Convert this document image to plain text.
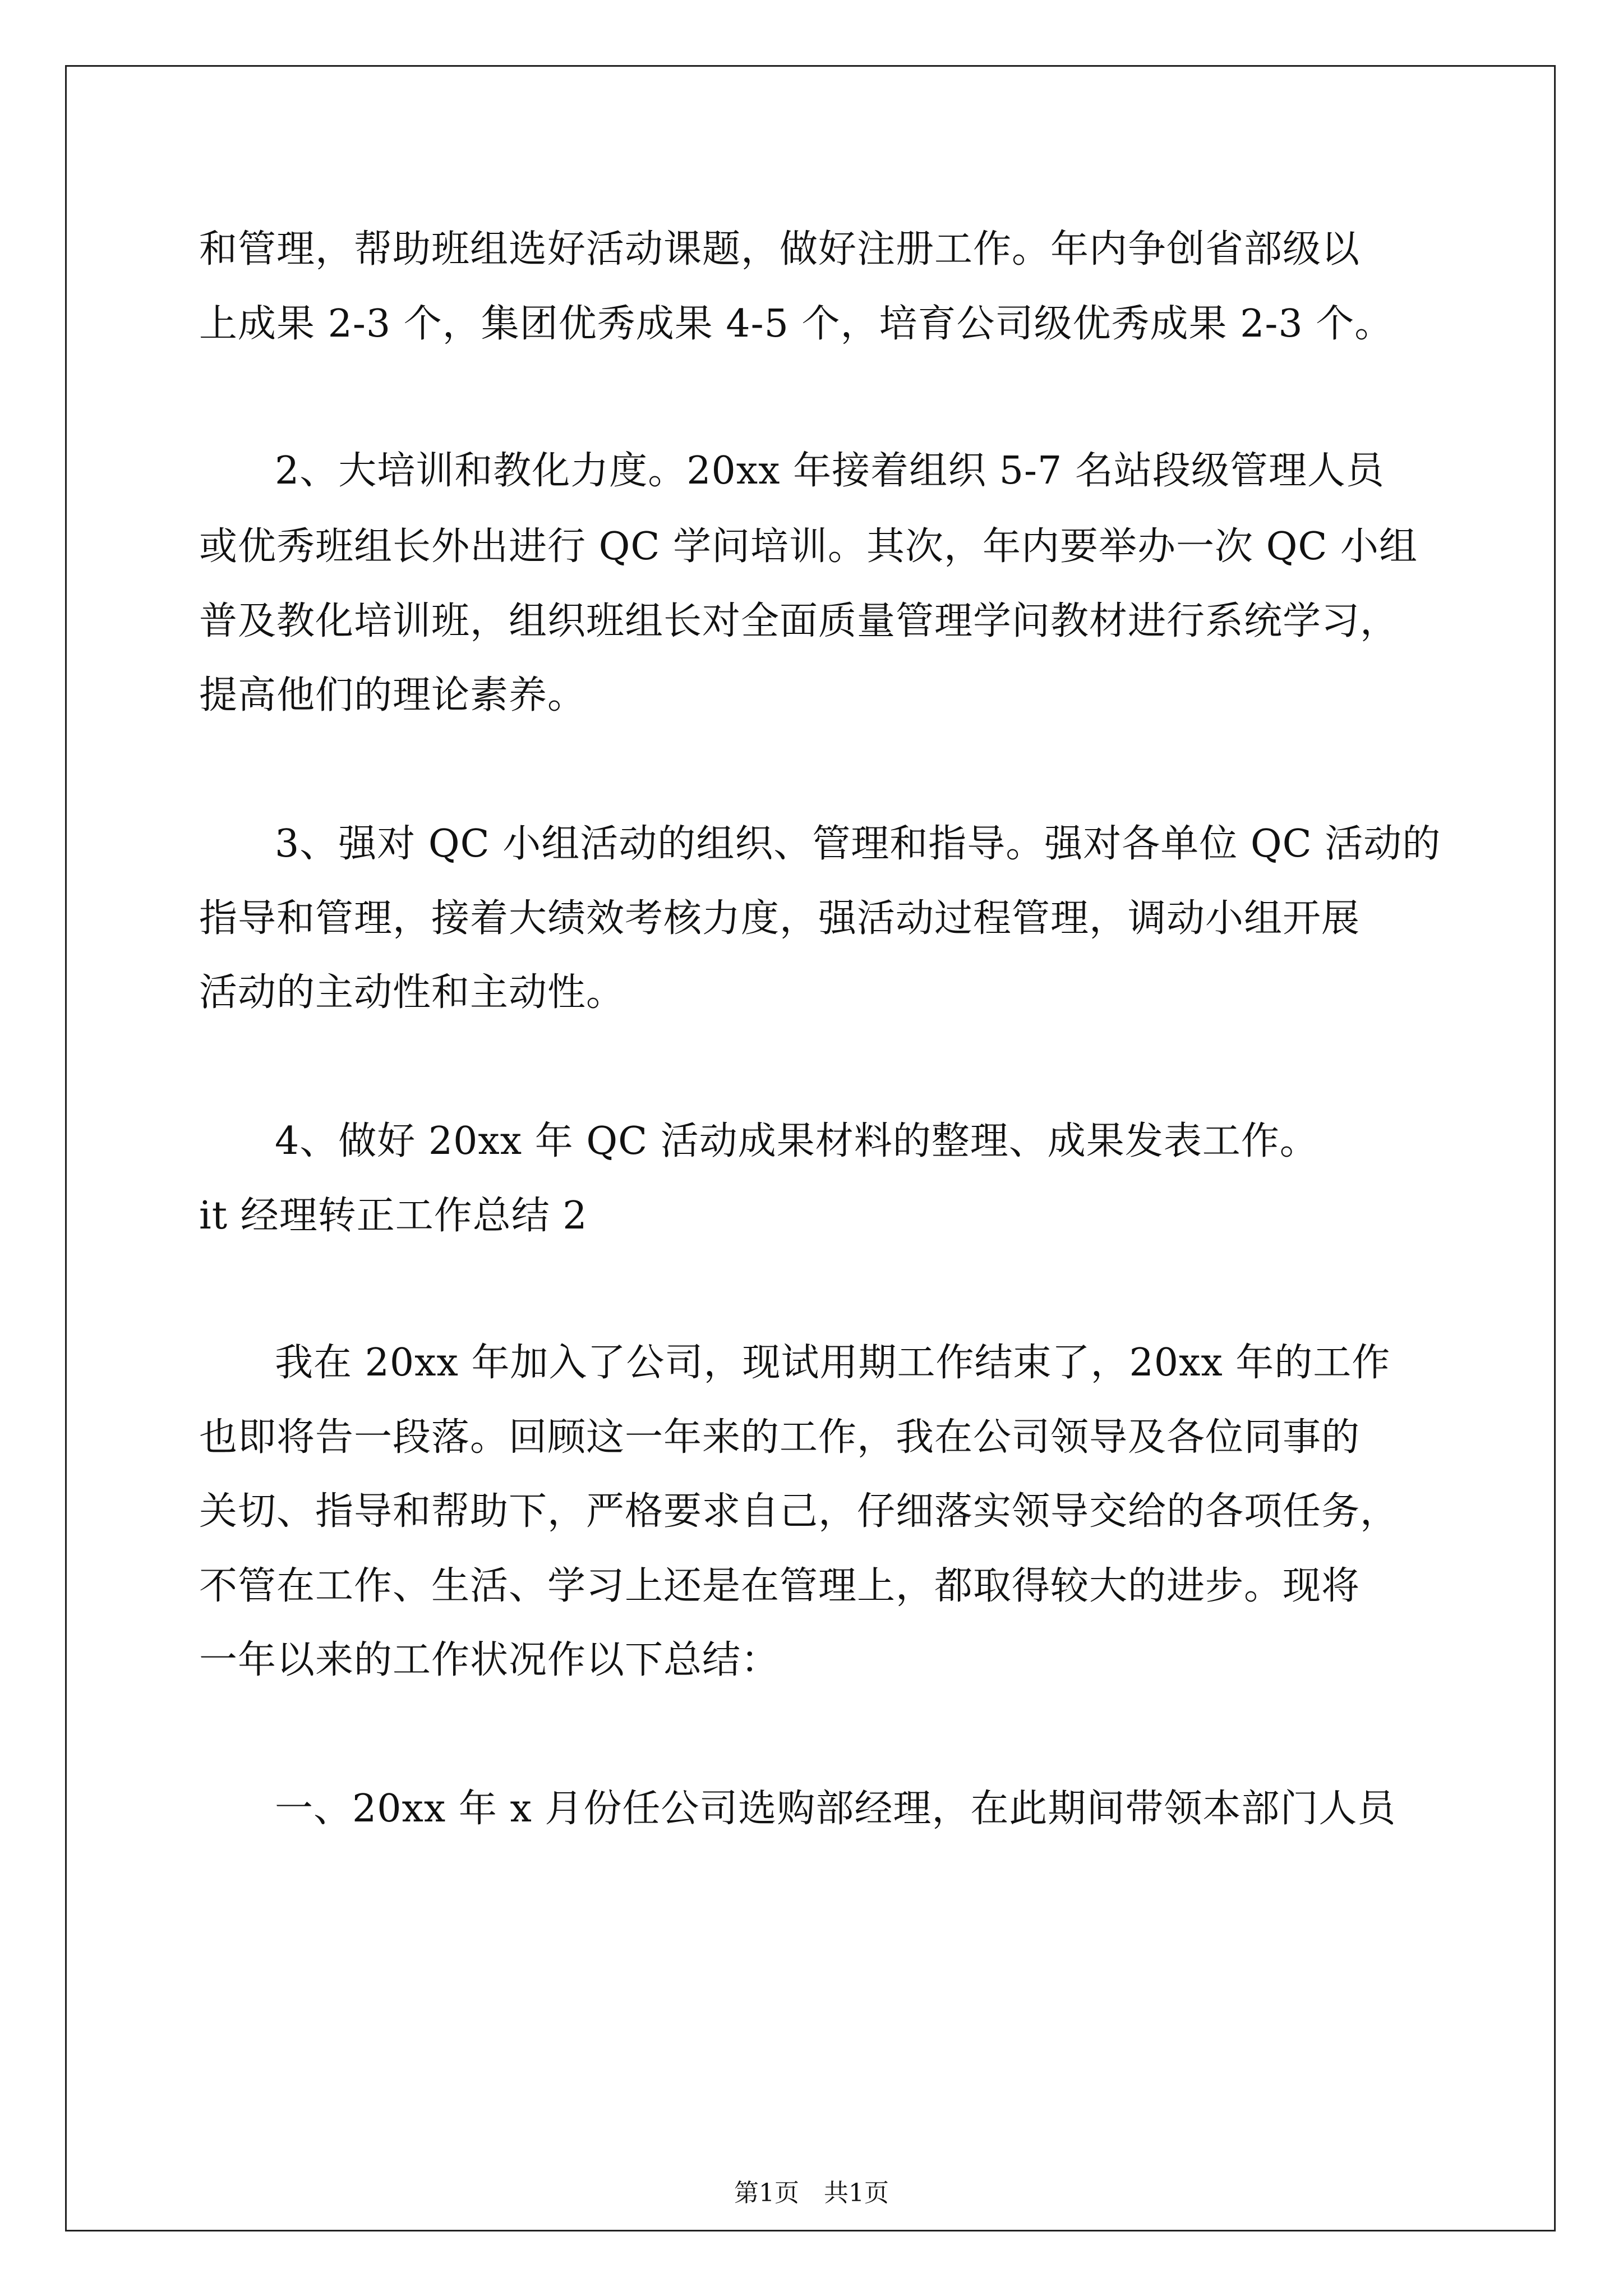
和管理，帮助班组选好活动课题，做好注册工作。年内争创省部级以
上成果 2-3 个，集团优秀成果 4-5 个，培育公司级优秀成果 2-3 个。
2、大培训和教化力度。20xx 年接着组织 5-7 名站段级管理人员
或优秀班组长外出进行 QC 学问培训。其次，年内要举办一次 QC 小组
普及教化培训班，组织班组长对全面质量管理学问教材进行系统学习，
提高他们的理论素养。
3、强对 QC 小组活动的组织、管理和指导。强对各单位 QC 活动的
指导和管理，接着大绩效考核力度，强活动过程管理，调动小组开展
活动的主动性和主动性。
4、做好 20xx 年 QC 活动成果材料的整理、成果发表工作。
it 经理转正工作总结 2
我在 20xx 年加入了公司，现试用期工作结束了，20xx 年的工作
也即将告一段落。回顾这一年来的工作，我在公司领导及各位同事的
关切、指导和帮助下，严格要求自己，仔细落实领导交给的各项任务，
不管在工作、生活、学习上还是在管理上，都取得较大的进步。现将
一年以来的工作状况作以下总结：
一、20xx 年 x 月份任公司选购部经理，在此期间带领本部门人员
第1页　共1页
